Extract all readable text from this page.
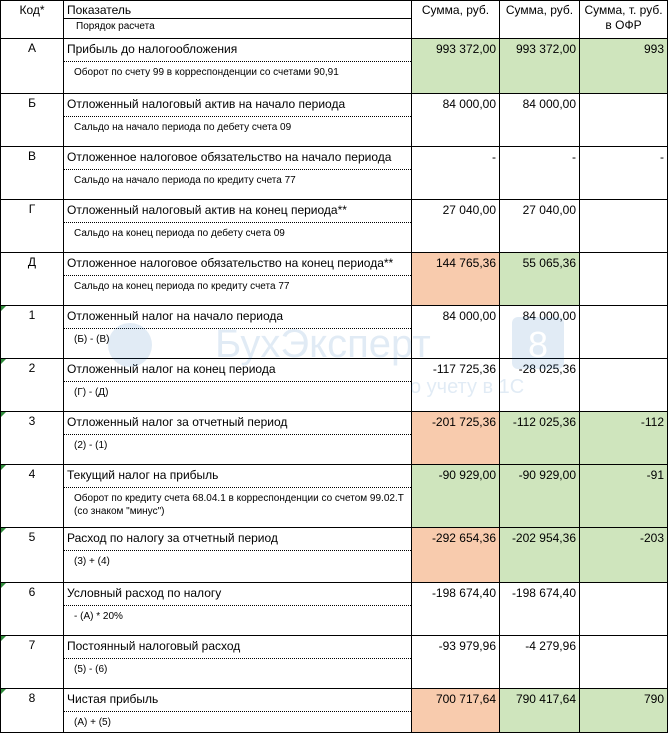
Код*	Показатель
Порядок расчета	Сумма, руб.	Сумма, руб.	Сумма, т. руб. в ОФР
А	Прибыль до налогообложения
Оборот по счету 99 в корреспонденции со счетами 90,91	993 372,00	993 372,00	993
Б	Отложенный налоговый актив на начало периода
Сальдо на начало периода по дебету счета 09	84 000,00	84 000,00	
В	Отложенное налоговое обязательство на начало периода
Сальдо на начало периода по кредиту счета 77	-	-	-
Г	Отложенный налоговый актив на конец периода**
Сальдо на конец периода по дебету счета 09	27 040,00	27 040,00	
Д	Отложенное налоговое обязательство на конец периода**
Сальдо на конец периода по кредиту счета 77	144 765,36	55 065,36	

1	Отложенный налог на начало периода
(Б) - (В)	84 000,00	84 000,00	

2	Отложенный налог на конец периода
(Г) - (Д)	-117 725,36	-28 025,36	

3	Отложенный налог за отчетный период
(2) - (1)	-201 725,36	-112 025,36	-112

4	Текущий налог на прибыль
Оборот по кредиту счета 68.04.1 в корреспонденции со счетом 99.02.Т (со знаком "минус")	-90 929,00	-90 929,00	-91

5	Расход по налогу за отчетный период
(3) + (4)	-292 654,36	-202 954,36	-203

6	Условный расход по налогу
- (А) * 20%	-198 674,40	-198 674,40	

7	Постоянный налоговый расход
(5) - (6)	-93 979,96	-4 279,96	

8	Чистая прибыль
(А) + (5)	700 717,64	790 417,64	790
БухЭксперт	8
о учету в 1С
